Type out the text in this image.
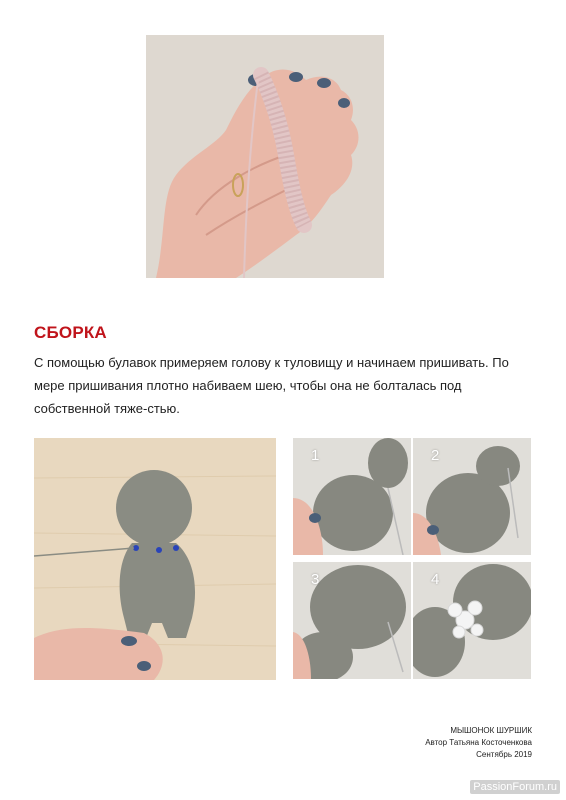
СБОРКА

С помощью булавок примеряем голову к туловищу и начинаем пришивать. По мере пришивания плотно набиваем шею, чтобы она не болталась под собственной тяже-стью.

1	2
3	4
МЫШОНОК ШУРШИК
Автор Татьяна Косточенкова
Сентябрь 2019
PassionForum.ru
